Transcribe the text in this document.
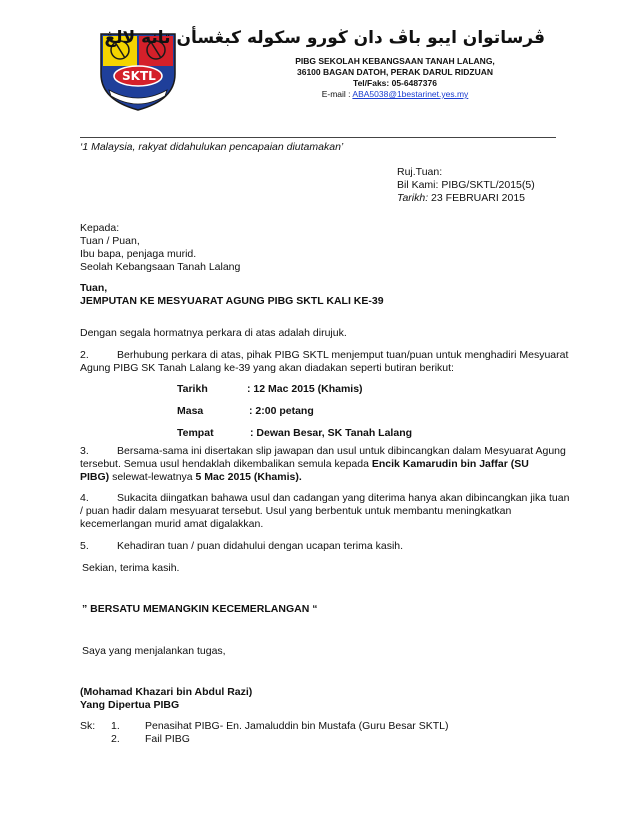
SKTL
ڤرساتوان ايبو باڤ دان ڬورو سکوله کبڠسأن تانه لالڠ
PIBG SEKOLAH KEBANGSAAN TANAH LALANG,
36100 BAGAN DATOH, PERAK DARUL RIDZUAN
Tel/Faks: 05-6487376
E-mail : ABA5038@1bestarinet.yes.my
‘1 Malaysia, rakyat didahulukan pencapaian diutamakan’
Ruj.Tuan:
Bil Kami: PIBG/SKTL/2015(5)
Tarikh: 23 FEBRUARI 2015
Kepada:
Tuan / Puan,
Ibu bapa, penjaga murid.
Seolah Kebangsaan Tanah Lalang
Tuan,
JEMPUTAN KE MESYUARAT AGUNG PIBG SKTL KALI KE-39
Dengan segala hormatnya perkara di atas adalah dirujuk.
2.	Berhubung perkara di atas, pihak PIBG SKTL menjemput tuan/puan untuk menghadiri Mesyuarat
Agung PIBG SK Tanah Lalang ke-39 yang akan diadakan seperti butiran berikut:
Tarikh	: 12 Mac 2015 (Khamis)
Masa	: 2:00 petang
Tempat	: Dewan Besar, SK Tanah Lalang
3.	Bersama-sama ini disertakan slip jawapan dan usul untuk dibincangkan dalam Mesyuarat Agung
tersebut. Semua usul hendaklah dikembalikan semula kepada Encik Kamarudin bin Jaffar (SU
PIBG) selewat-lewatnya 5 Mac 2015 (Khamis).
4.	Sukacita diingatkan bahawa usul dan cadangan yang diterima hanya akan dibincangkan jika tuan
/ puan hadir dalam mesyuarat tersebut. Usul yang berbentuk untuk membantu meningkatkan
kecemerlangan murid amat digalakkan.
5.	Kehadiran tuan / puan didahului dengan ucapan terima kasih.
Sekian, terima kasih.
” BERSATU MEMANGKIN KECEMERLANGAN “
Saya yang menjalankan tugas,
(Mohamad Khazari bin Abdul Razi)
Yang Dipertua PIBG
Sk: 1. Penasihat PIBG- En. Jamaluddin bin Mustafa (Guru Besar SKTL)
2. Fail PIBG
